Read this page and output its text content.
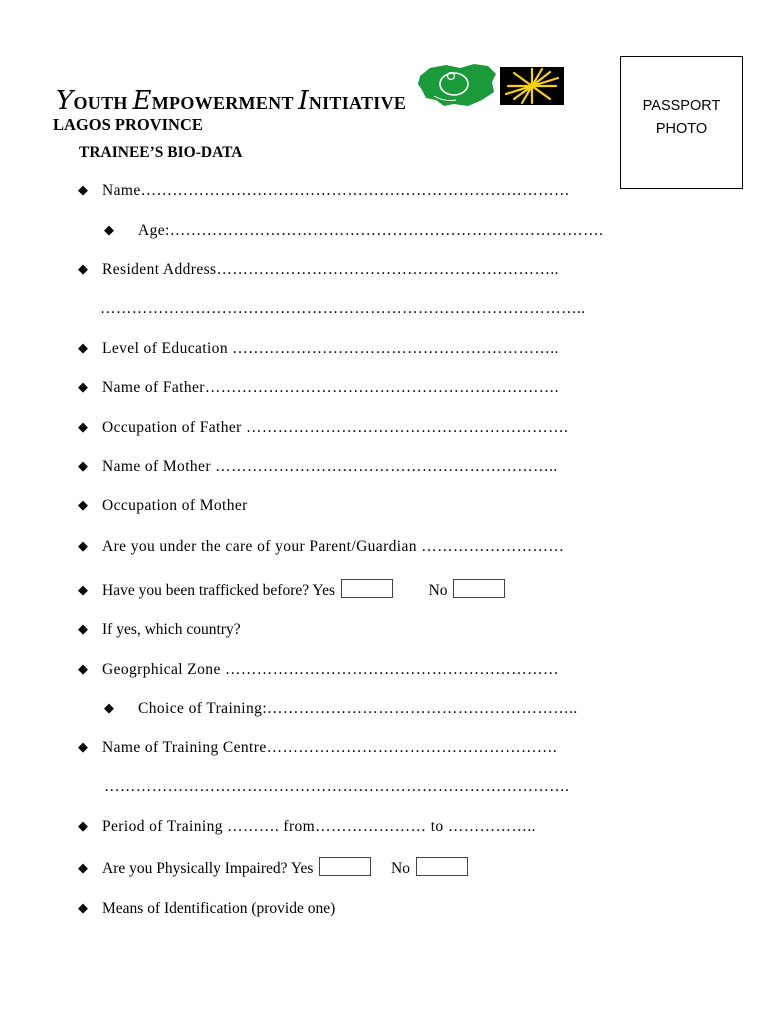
YOUTH EMPOWERMENT INITIATIVE
LAGOS PROVINCE
TRAINEE’S BIO-DATA
PASSPORT
PHOTO
◆ Name………………………………………………………………………
◆ Age:……………………………………………………………………….
◆ Resident Address………………………………………………………..
………………………………………………………………………………..
◆ Level of Education ……………………………………………………..
◆ Name of Father………………………………………………………….
◆ Occupation of Father …………………………………………………….
◆ Name of Mother ………………………………………………………..
◆ Occupation of Mother
◆ Are you under the care of your Parent/Guardian ………………………
◆ Have you been trafficked before? Yes	No
◆ If yes, which country?
◆ Geogrphical Zone ………………………………………………………
◆ Choice of Training:…………………………………………………..
◆ Name of Training Centre……………………………………………….
…………………………………………………………………………….
◆ Period of Training ………. from………………… to ……………..
◆ Are you Physically Impaired? Yes	No
◆ Means of Identification (provide one)
